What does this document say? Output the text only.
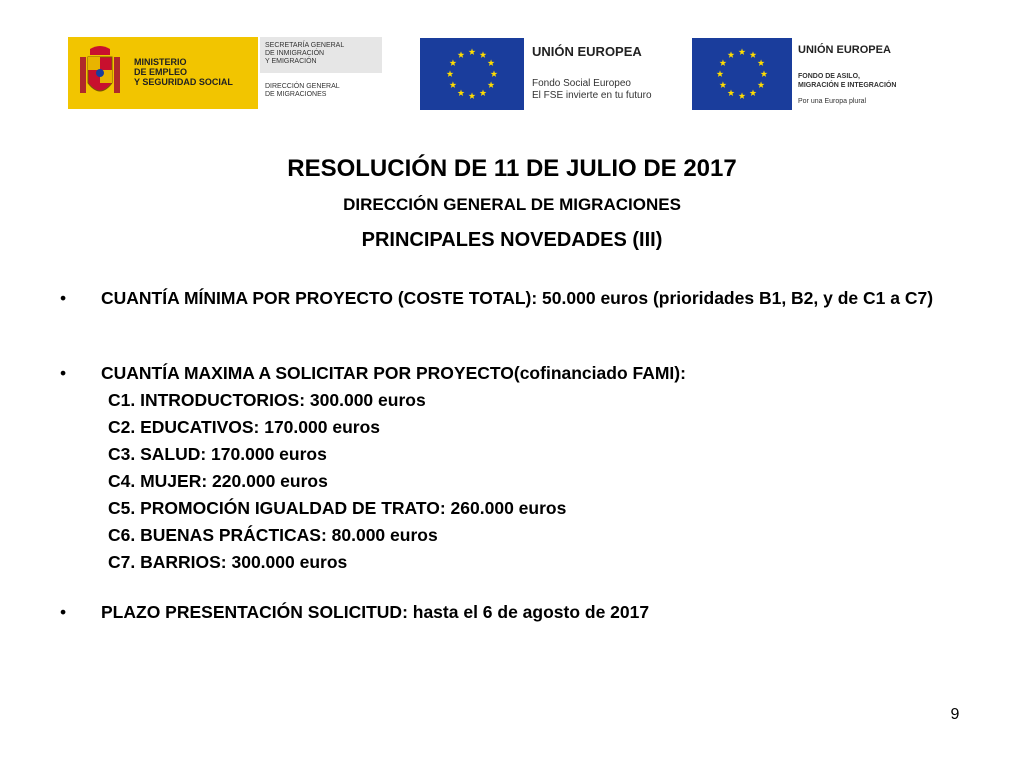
MINISTERIO
DE EMPLEO
Y SEGURIDAD SOCIAL
SECRETARÍA GENERAL
DE INMIGRACIÓN
Y EMIGRACIÓN
DIRECCIÓN GENERAL
DE MIGRACIONES
UNIÓN EUROPEA
Fondo Social Europeo
El FSE invierte en tu futuro
UNIÓN EUROPEA
FONDO DE ASILO,
MIGRACIÓN E INTEGRACIÓN
Por una Europa plural
RESOLUCIÓN DE 11 DE JULIO DE 2017
DIRECCIÓN GENERAL DE MIGRACIONES
PRINCIPALES NOVEDADES (III)
• CUANTÍA MÍNIMA POR PROYECTO (COSTE TOTAL): 50.000 euros (prioridades B1, B2, y de C1 a C7)
• CUANTÍA MAXIMA A SOLICITAR POR PROYECTO(cofinanciado FAMI):
C1. INTRODUCTORIOS: 300.000 euros
C2. EDUCATIVOS: 170.000 euros
C3. SALUD: 170.000 euros
C4. MUJER: 220.000 euros
C5. PROMOCIÓN IGUALDAD DE TRATO: 260.000 euros
C6. BUENAS PRÁCTICAS: 80.000 euros
C7. BARRIOS: 300.000 euros
• PLAZO PRESENTACIÓN SOLICITUD: hasta el 6 de agosto de 2017
9
